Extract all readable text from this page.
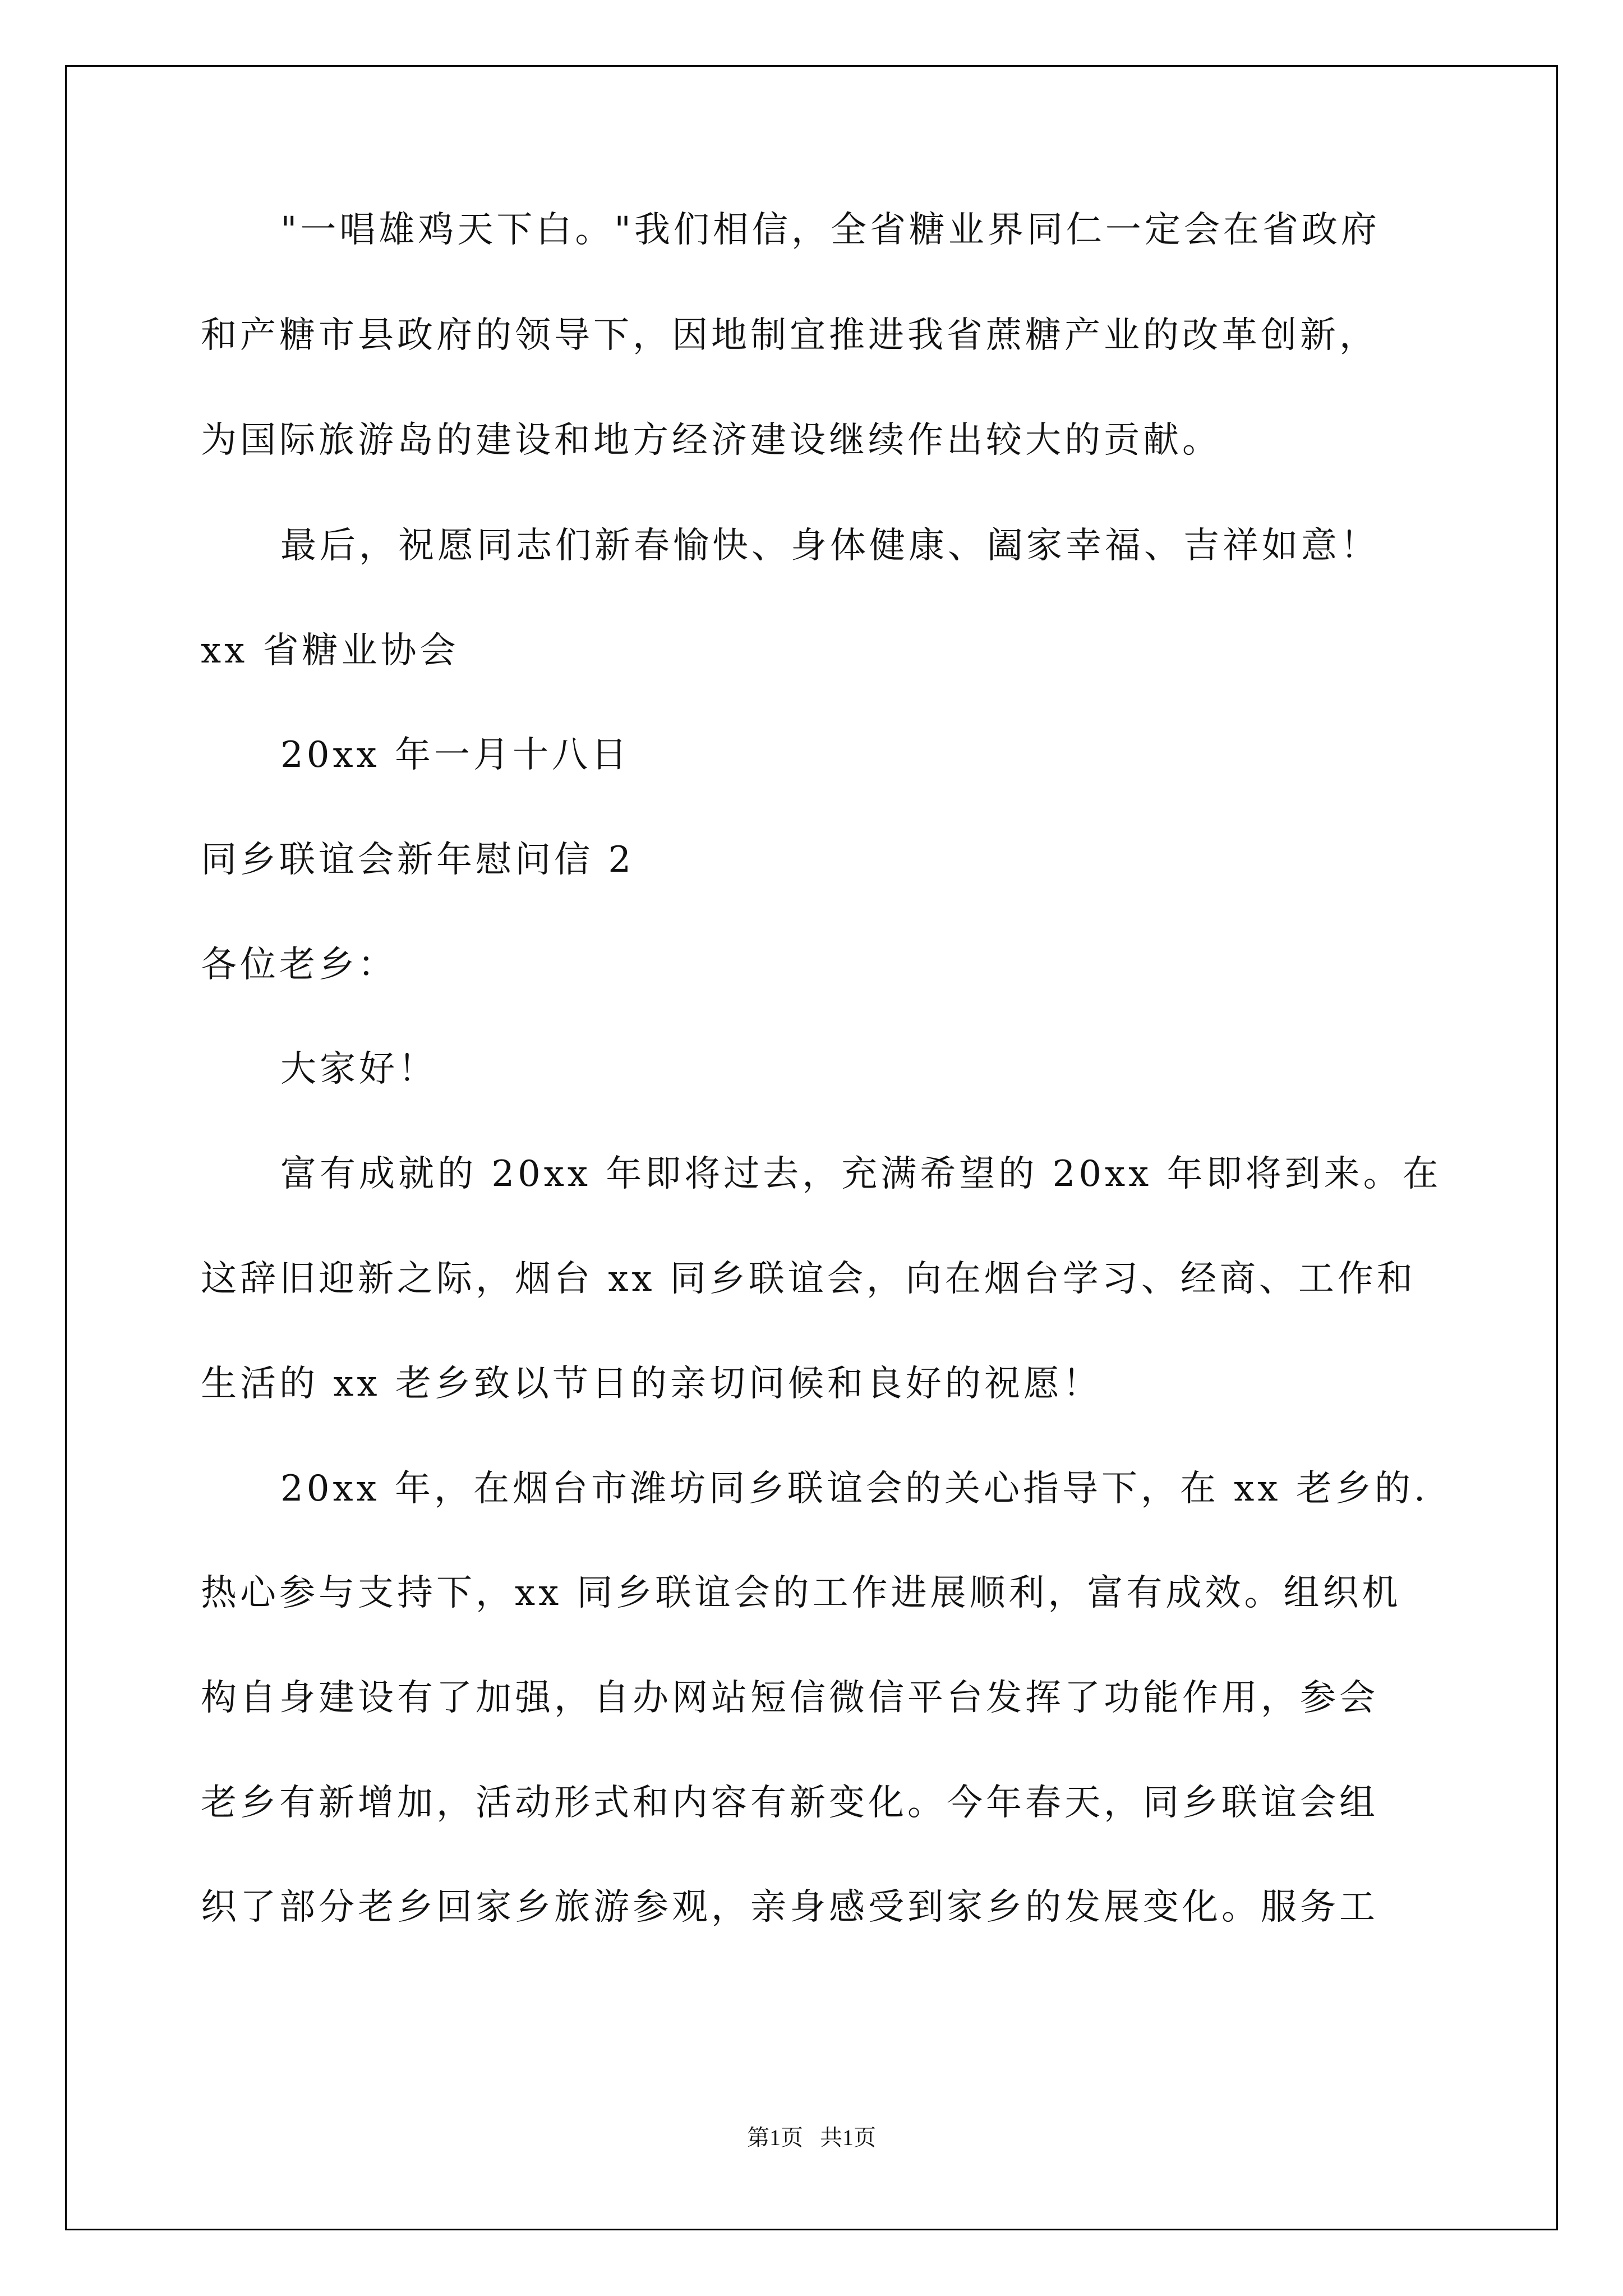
"一唱雄鸡天下白。"我们相信，全省糖业界同仁一定会在省政府
和产糖市县政府的领导下，因地制宜推进我省蔗糖产业的改革创新，
为国际旅游岛的建设和地方经济建设继续作出较大的贡献。
最后，祝愿同志们新春愉快、身体健康、阖家幸福、吉祥如意！
xx 省糖业协会
20xx 年一月十八日
同乡联谊会新年慰问信 2
各位老乡：
大家好！
富有成就的 20xx 年即将过去，充满希望的 20xx 年即将到来。在
这辞旧迎新之际，烟台 xx 同乡联谊会，向在烟台学习、经商、工作和
生活的 xx 老乡致以节日的亲切问候和良好的祝愿！
20xx 年，在烟台市潍坊同乡联谊会的关心指导下，在 xx 老乡的.
热心参与支持下，xx 同乡联谊会的工作进展顺利，富有成效。组织机
构自身建设有了加强，自办网站短信微信平台发挥了功能作用，参会
老乡有新增加，活动形式和内容有新变化。今年春天，同乡联谊会组
织了部分老乡回家乡旅游参观，亲身感受到家乡的发展变化。服务工
第1页   共1页
